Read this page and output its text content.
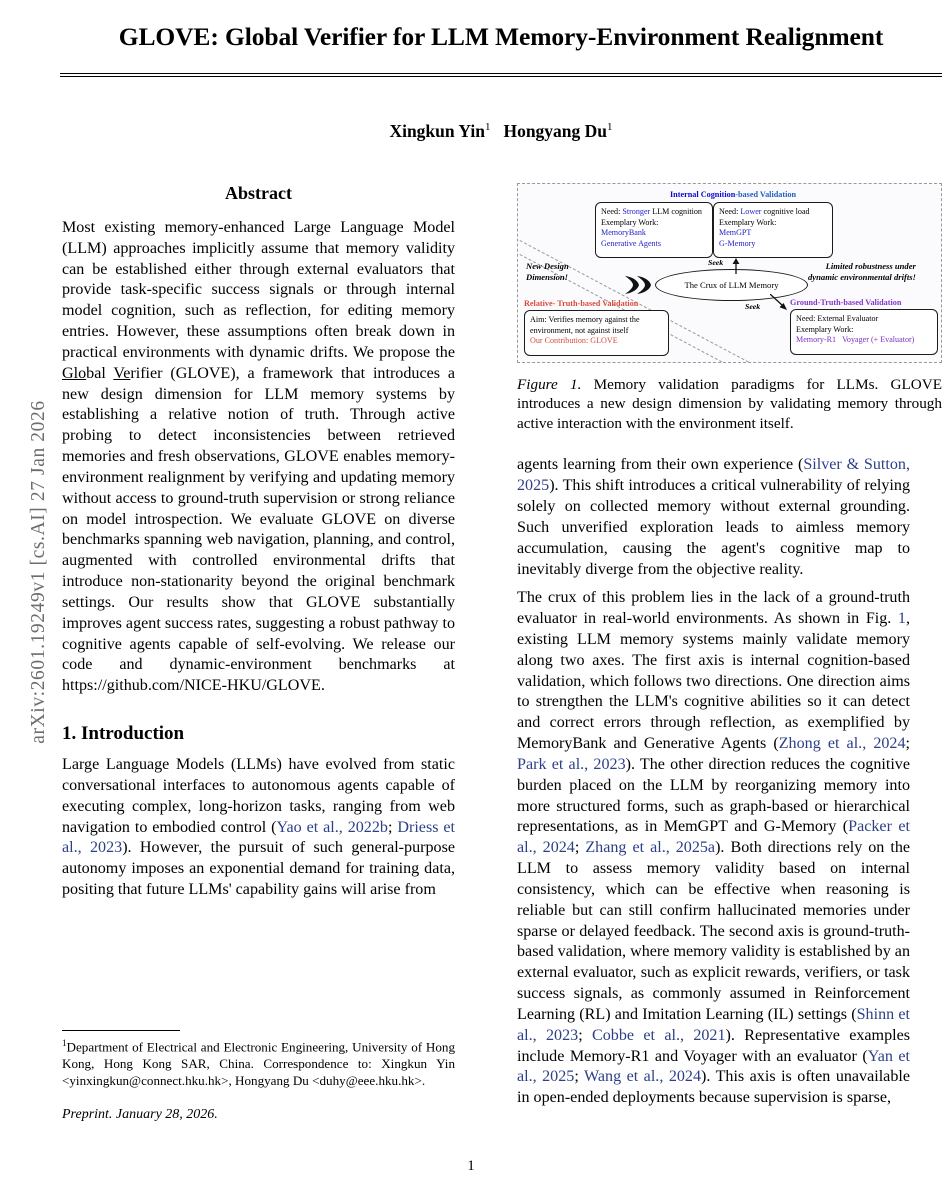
arXiv:2601.19249v1 [cs.AI] 27 Jan 2026
GLOVE: Global Verifier for LLM Memory-Environment Realignment
Xingkun Yin$^1$ Hongyang Du$^1$
Abstract

Most existing memory-enhanced Large Language Model (LLM) approaches implicitly assume that memory validity can be established either through external evaluators that provide task-specific success signals or through internal model cognition, such as reflection, for editing memory entries. However, these assumptions often break down in practical environments with dynamic drifts. We propose the Global Verifier (GLOVE), a framework that introduces a new design dimension for LLM memory systems by establishing a relative notion of truth. Through active probing to detect inconsistencies between retrieved memories and fresh observations, GLOVE enables memory-environment realignment by verifying and updating memory without access to ground-truth supervision or strong reliance on model introspection. We evaluate GLOVE on diverse benchmarks spanning web navigation, planning, and control, augmented with controlled environmental drifts that introduce non-stationarity beyond the original benchmark settings. Our results show that GLOVE substantially improves agent success rates, suggesting a robust pathway to cognitive agents capable of self-evolving. We release our code and dynamic-environment benchmarks at https://github.com/NICE-HKU/GLOVE.

1. Introduction

Large Language Models (LLMs) have evolved from static conversational interfaces to autonomous agents capable of executing complex, long-horizon tasks, ranging from web navigation to embodied control (Yao et al., 2022b; Driess et al., 2023). However, the pursuit of such general-purpose autonomy imposes an exponential demand for training data, positing that future LLMs' capability gains will arise from

Internal Cognition-based Validation
Need: Stronger LLM cognition
Exemplary Work:
MemoryBank
Generative Agents
Need: Lower cognitive load
Exemplary Work:
MemGPT
G-Memory
The Crux of LLM Memory
Seek
Seek
New Design
Dimension!
Limited robustness under
dynamic environmental drifts!
Relative- Truth-based Validation
Aim: Verifies memory against the
environment, not against itself
Our Contribution: GLOVE
Ground-Truth-based Validation
Need: External Evaluator
Exemplary Work:
Memory-R1 Voyager (+ Evaluator)
Figure 1. Memory validation paradigms for LLMs. GLOVE introduces a new design dimension by validating memory through active interaction with the environment itself.

agents learning from their own experience (Silver & Sutton, 2025). This shift introduces a critical vulnerability of relying solely on collected memory without external grounding. Such unverified exploration leads to aimless memory accumulation, causing the agent's cognitive map to inevitably diverge from the objective reality.

The crux of this problem lies in the lack of a ground-truth evaluator in real-world environments. As shown in Fig. 1, existing LLM memory systems mainly validate memory along two axes. The first axis is internal cognition-based validation, which follows two directions. One direction aims to strengthen the LLM's cognitive abilities so it can detect and correct errors through reflection, as exemplified by MemoryBank and Generative Agents (Zhong et al., 2024; Park et al., 2023). The other direction reduces the cognitive burden placed on the LLM by reorganizing memory into more structured forms, such as graph-based or hierarchical representations, as in MemGPT and G-Memory (Packer et al., 2024; Zhang et al., 2025a). Both directions rely on the LLM to assess memory validity based on internal consistency, which can be effective when reasoning is reliable but can still confirm hallucinated memories under sparse or delayed feedback. The second axis is ground-truth-based validation, where memory validity is established by an external evaluator, such as explicit rewards, verifiers, or task success signals, as commonly assumed in Reinforcement Learning (RL) and Imitation Learning (IL) settings (Shinn et al., 2023; Cobbe et al., 2021). Representative examples include Memory-R1 and Voyager with an evaluator (Yan et al., 2025; Wang et al., 2024). This axis is often unavailable in open-ended deployments because supervision is sparse,

$^1$Department of Electrical and Electronic Engineering, University of Hong Kong, Hong Kong SAR, China. Correspondence to: Xingkun Yin <yinxingkun@connect.hku.hk>, Hongyang Du <duhy@eee.hku.hk>.
Preprint. January 28, 2026.
1
